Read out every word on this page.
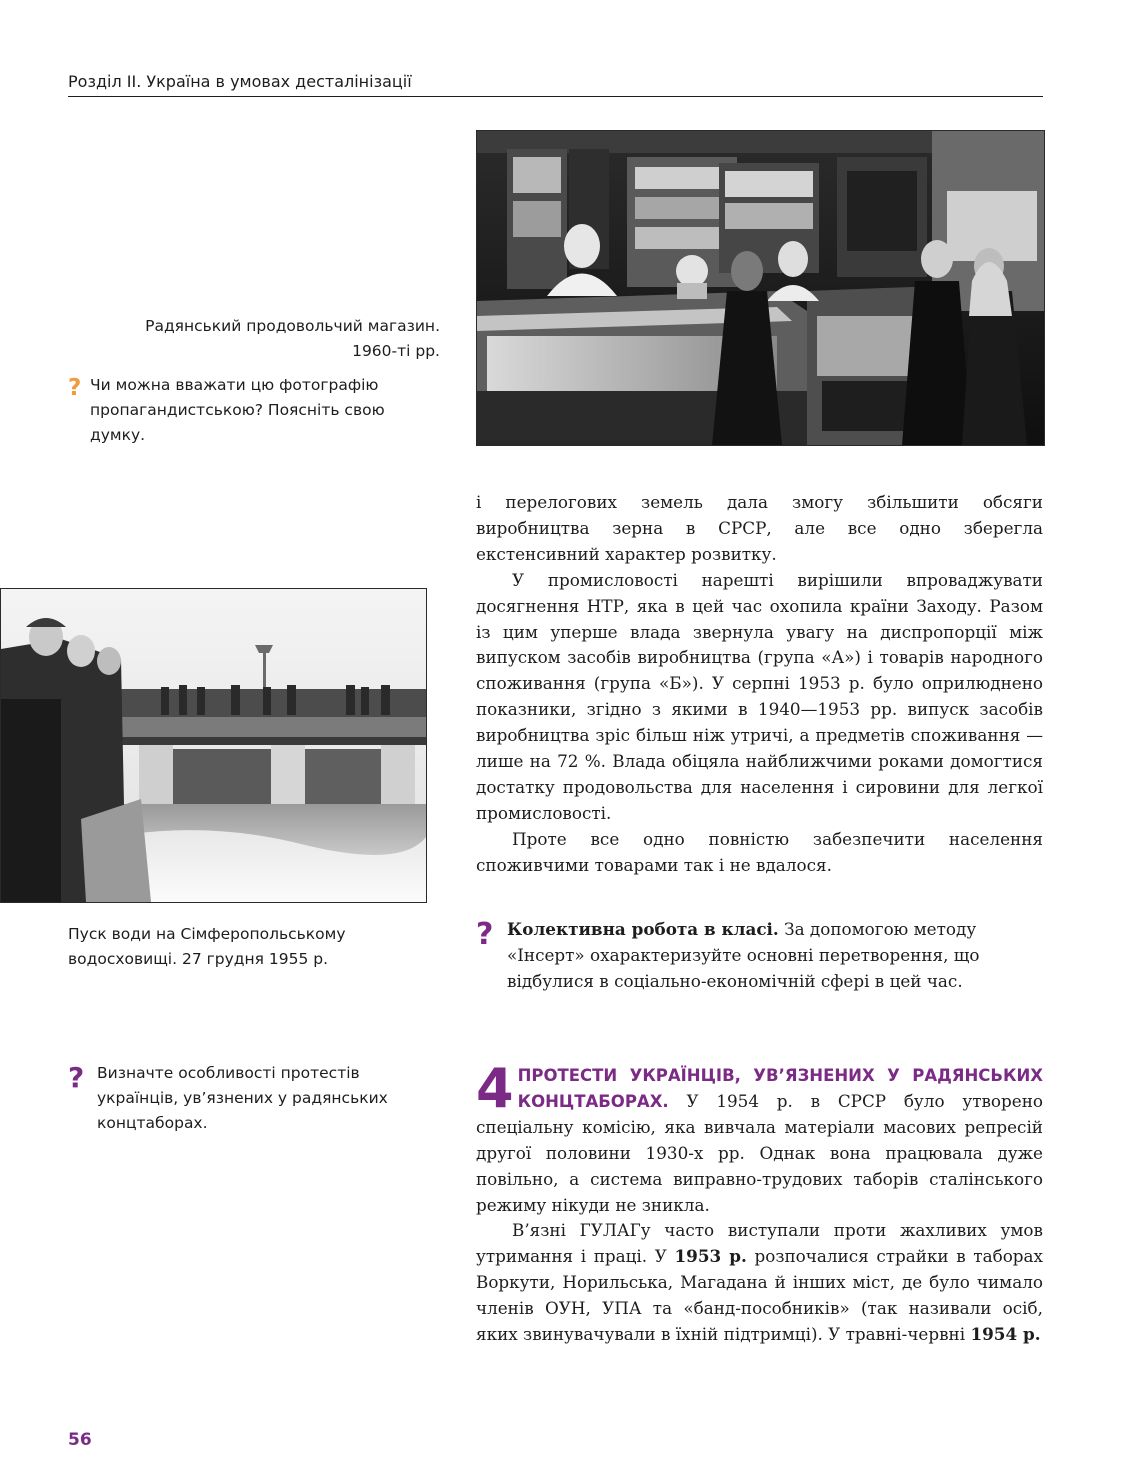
Розділ ІІ. Україна в умовах десталінізації
Радянський продовольчий магазин.
1960-ті рр.
? Чи можна вважати цю фотографію пропагандистською? Поясніть свою думку.
Пуск води на Сімферопольському
водосховищі. 27 грудня 1955 р.
? Визначте особливості протестів українців, ув’язнених у радянських концтаборах.

і перелогових земель дала змогу збільшити обсяги виробництва зерна в СРСР, але все одно зберегла екстенсивний характер розвитку.

У промисловості нарешті вирішили впроваджувати досягнення НТР, яка в цей час охопила країни Заходу. Разом із цим уперше влада звернула увагу на диспропорції між випуском засобів виробництва (група «А») і товарів народного споживання (група «Б»). У серпні 1953 р. було оприлюднено показники, згідно з якими в 1940—1953 рр. випуск засобів виробництва зріс більш ніж утричі, а предметів споживання — лише на 72 %. Влада обіцяла найближчими роками домогтися достатку продовольства для населення і сировини для легкої промисловості.

Проте все одно повністю забезпечити населення споживчими товарами так і не вдалося.

? Колективна робота в класі. За допомогою методу «Інсерт» охарактеризуйте основні перетворення, що відбулися в соціально-економічній сфері в цей час.

4 ПРОТЕСТИ УКРАЇНЦІВ, УВ’ЯЗНЕНИХ У РАДЯНСЬКИХ КОНЦТАБОРАХ. У 1954 р. в СРСР було утворено спеціальну комісію, яка вивчала матеріали масових репресій другої половини 1930-х рр. Однак вона працювала дуже повільно, а система виправно-трудових таборів сталінського режиму нікуди не зникла.

В’язні ГУЛАГу часто виступали проти жахливих умов утримання і праці. У 1953 р. розпочалися страйки в таборах Воркути, Норильська, Магадана й інших міст, де було чимало членів ОУН, УПА та «банд-пособників» (так називали осіб, яких звинувачували в їхній підтримці). У травні-червні 1954 р.

56
